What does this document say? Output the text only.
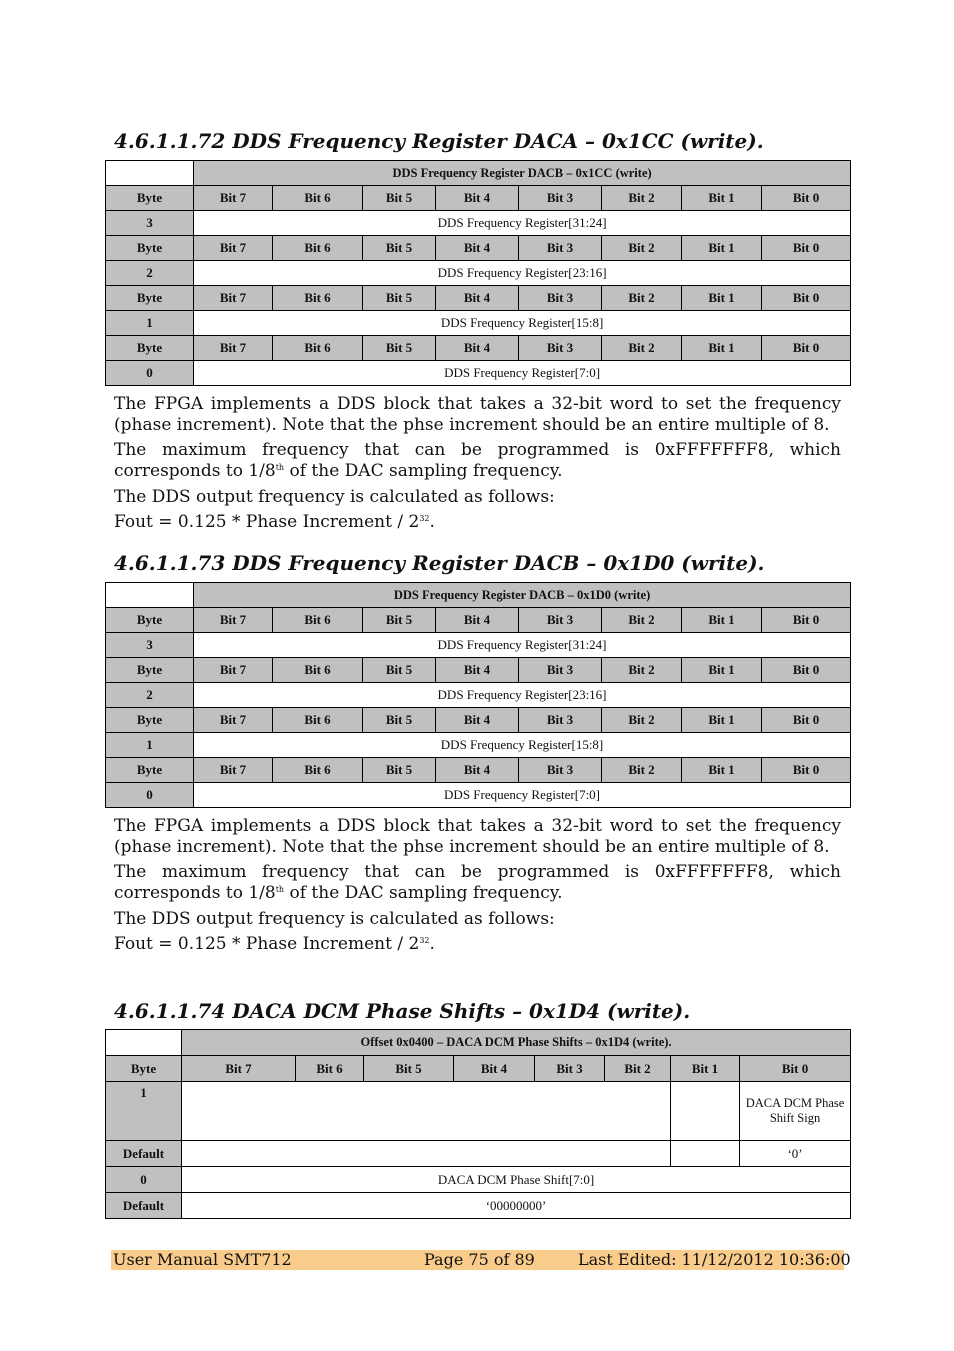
4.6.1.1.72 DDS Frequency Register DACA – 0x1CC (write).
	DDS Frequency Register DACB – 0x1CC (write)							
Byte	Bit 7	Bit 6	Bit 5	Bit 4	Bit 3	Bit 2	Bit 1	Bit 0
3	DDS Frequency Register[31:24]							
Byte	Bit 7	Bit 6	Bit 5	Bit 4	Bit 3	Bit 2	Bit 1	Bit 0
2	DDS Frequency Register[23:16]							
Byte	Bit 7	Bit 6	Bit 5	Bit 4	Bit 3	Bit 2	Bit 1	Bit 0
1	DDS Frequency Register[15:8]							
Byte	Bit 7	Bit 6	Bit 5	Bit 4	Bit 3	Bit 2	Bit 1	Bit 0
0	DDS Frequency Register[7:0]							

The FPGA implements a DDS block that takes a 32-bit word to set the frequency (phase increment). Note that the phse increment should be an entire multiple of 8.

The maximum frequency that can be programmed is 0xFFFFFFF8, which corresponds to 1/8th of the DAC sampling frequency.

The DDS output frequency is calculated as follows:

Fout = 0.125 * Phase Increment / $2^{32}$.

4.6.1.1.73 DDS Frequency Register DACB – 0x1D0 (write).
	DDS Frequency Register DACB – 0x1D0 (write)							
Byte	Bit 7	Bit 6	Bit 5	Bit 4	Bit 3	Bit 2	Bit 1	Bit 0
3	DDS Frequency Register[31:24]							
Byte	Bit 7	Bit 6	Bit 5	Bit 4	Bit 3	Bit 2	Bit 1	Bit 0
2	DDS Frequency Register[23:16]							
Byte	Bit 7	Bit 6	Bit 5	Bit 4	Bit 3	Bit 2	Bit 1	Bit 0
1	DDS Frequency Register[15:8]							
Byte	Bit 7	Bit 6	Bit 5	Bit 4	Bit 3	Bit 2	Bit 1	Bit 0
0	DDS Frequency Register[7:0]							

The FPGA implements a DDS block that takes a 32-bit word to set the frequency (phase increment). Note that the phse increment should be an entire multiple of 8.

The maximum frequency that can be programmed is 0xFFFFFFF8, which corresponds to 1/8th of the DAC sampling frequency.

The DDS output frequency is calculated as follows:

Fout = 0.125 * Phase Increment / $2^{32}$.

4.6.1.1.74 DACA DCM Phase Shifts – 0x1D4 (write).
	Offset 0x0400 – DACA DCM Phase Shifts – 0x1D4 (write).							
Byte	Bit 7	Bit 6	Bit 5	Bit 4	Bit 3	Bit 2	Bit 1	Bit 0
1								DACA DCM Phase Shift Sign
Default								‘0’
0	DACA DCM Phase Shift[7:0]							
Default	‘00000000’							
User Manual SMT712	Page 75 of 89	Last Edited: 11/12/2012 10:36:00
